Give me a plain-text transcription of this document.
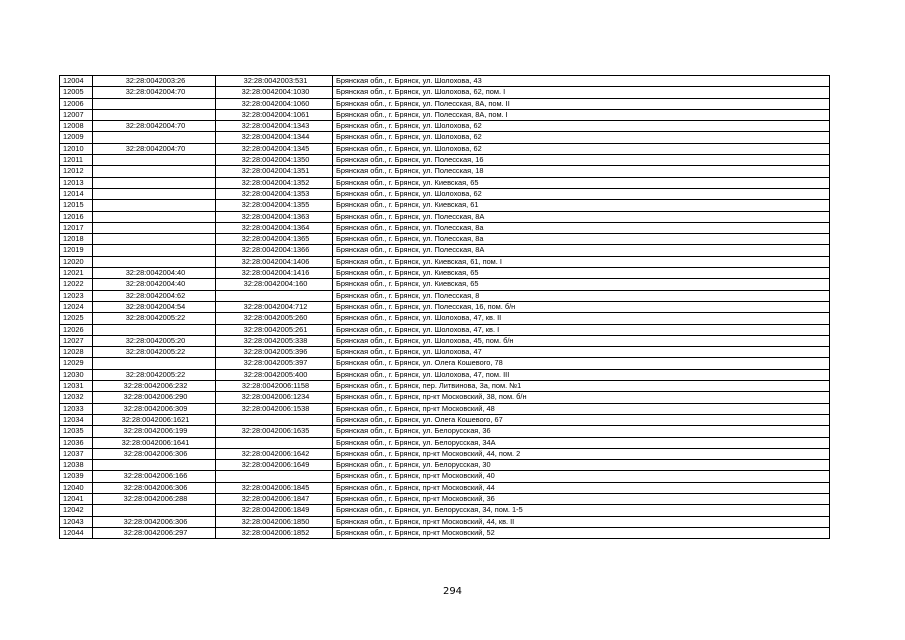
12004	32:28:0042003:26	32:28:0042003:531	Брянская обл., г. Брянск, ул. Шолохова, 43
12005	32:28:0042004:70	32:28:0042004:1030	Брянская обл., г. Брянск, ул. Шолохова, 62, пом. I
12006		32:28:0042004:1060	Брянская обл., г. Брянск, ул. Полесская, 8А, пом. II
12007		32:28:0042004:1061	Брянская обл., г. Брянск, ул. Полесская, 8А, пом. I
12008	32:28:0042004:70	32:28:0042004:1343	Брянская обл., г. Брянск, ул. Шолохова, 62
12009		32:28:0042004:1344	Брянская обл., г. Брянск, ул. Шолохова, 62
12010	32:28:0042004:70	32:28:0042004:1345	Брянская обл., г. Брянск, ул. Шолохова, 62
12011		32:28:0042004:1350	Брянская обл., г. Брянск, ул. Полесская, 16
12012		32:28:0042004:1351	Брянская обл., г. Брянск, ул. Полесская, 18
12013		32:28:0042004:1352	Брянская обл., г. Брянск, ул. Киевская, 65
12014		32:28:0042004:1353	Брянская обл., г. Брянск, ул. Шолохова, 62
12015		32:28:0042004:1355	Брянская обл., г. Брянск, ул. Киевская, 61
12016		32:28:0042004:1363	Брянская обл., г. Брянск, ул. Полесская, 8А
12017		32:28:0042004:1364	Брянская обл., г. Брянск, ул. Полесская, 8а
12018		32:28:0042004:1365	Брянская обл., г. Брянск, ул. Полесская, 8а
12019		32:28:0042004:1366	Брянская обл., г. Брянск, ул. Полесская, 8А
12020		32:28:0042004:1406	Брянская обл., г. Брянск, ул. Киевская, 61, пом. I
12021	32:28:0042004:40	32:28:0042004:1416	Брянская обл., г. Брянск, ул. Киевская, 65
12022	32:28:0042004:40	32:28:0042004:160	Брянская обл., г. Брянск, ул. Киевская, 65
12023	32:28:0042004:62		Брянская обл., г. Брянск, ул. Полесская, 8
12024	32:28:0042004:54	32:28:0042004:712	Брянская обл., г. Брянск, ул. Полесская, 16, пом. б/н
12025	32:28:0042005:22	32:28:0042005:260	Брянская обл., г. Брянск, ул. Шолохова, 47, кв. II
12026		32:28:0042005:261	Брянская обл., г. Брянск, ул. Шолохова, 47, кв. I
12027	32:28:0042005:20	32:28:0042005:338	Брянская обл., г. Брянск, ул. Шолохова, 45, пом. б/н
12028	32:28:0042005:22	32:28:0042005:396	Брянская обл., г. Брянск, ул. Шолохова, 47
12029		32:28:0042005:397	Брянская обл., г. Брянск, ул. Олега Кошевого, 78
12030	32:28:0042005:22	32:28:0042005:400	Брянская обл., г. Брянск, ул. Шолохова, 47, пом. III
12031	32:28:0042006:232	32:28:0042006:1158	Брянская обл., г. Брянск, пер. Литвинова, 3а, пом. №1
12032	32:28:0042006:290	32:28:0042006:1234	Брянская обл., г. Брянск, пр-кт Московский, 38, пом. б/н
12033	32:28:0042006:309	32:28:0042006:1538	Брянская обл., г. Брянск, пр-кт Московский, 48
12034	32:28:0042006:1621		Брянская обл., г. Брянск, ул. Олега Кошевого, 67
12035	32:28:0042006:199	32:28:0042006:1635	Брянская обл., г. Брянск, ул. Белорусская, 36
12036	32:28:0042006:1641		Брянская обл., г. Брянск, ул. Белорусская, 34А
12037	32:28:0042006:306	32:28:0042006:1642	Брянская обл., г. Брянск, пр-кт Московский, 44, пом. 2
12038		32:28:0042006:1649	Брянская обл., г. Брянск, ул. Белорусская, 30
12039	32:28:0042006:166		Брянская обл., г. Брянск, пр-кт Московский, 40
12040	32:28:0042006:306	32:28:0042006:1845	Брянская обл., г. Брянск, пр-кт Московский, 44
12041	32:28:0042006:288	32:28:0042006:1847	Брянская обл., г. Брянск, пр-кт Московский, 36
12042		32:28:0042006:1849	Брянская обл., г. Брянск, ул. Белорусская, 34, пом. 1-5
12043	32:28:0042006:306	32:28:0042006:1850	Брянская обл., г. Брянск, пр-кт Московский, 44, кв. II
12044	32:28:0042006:297	32:28:0042006:1852	Брянская обл., г. Брянск, пр-кт Московский, 52
294
